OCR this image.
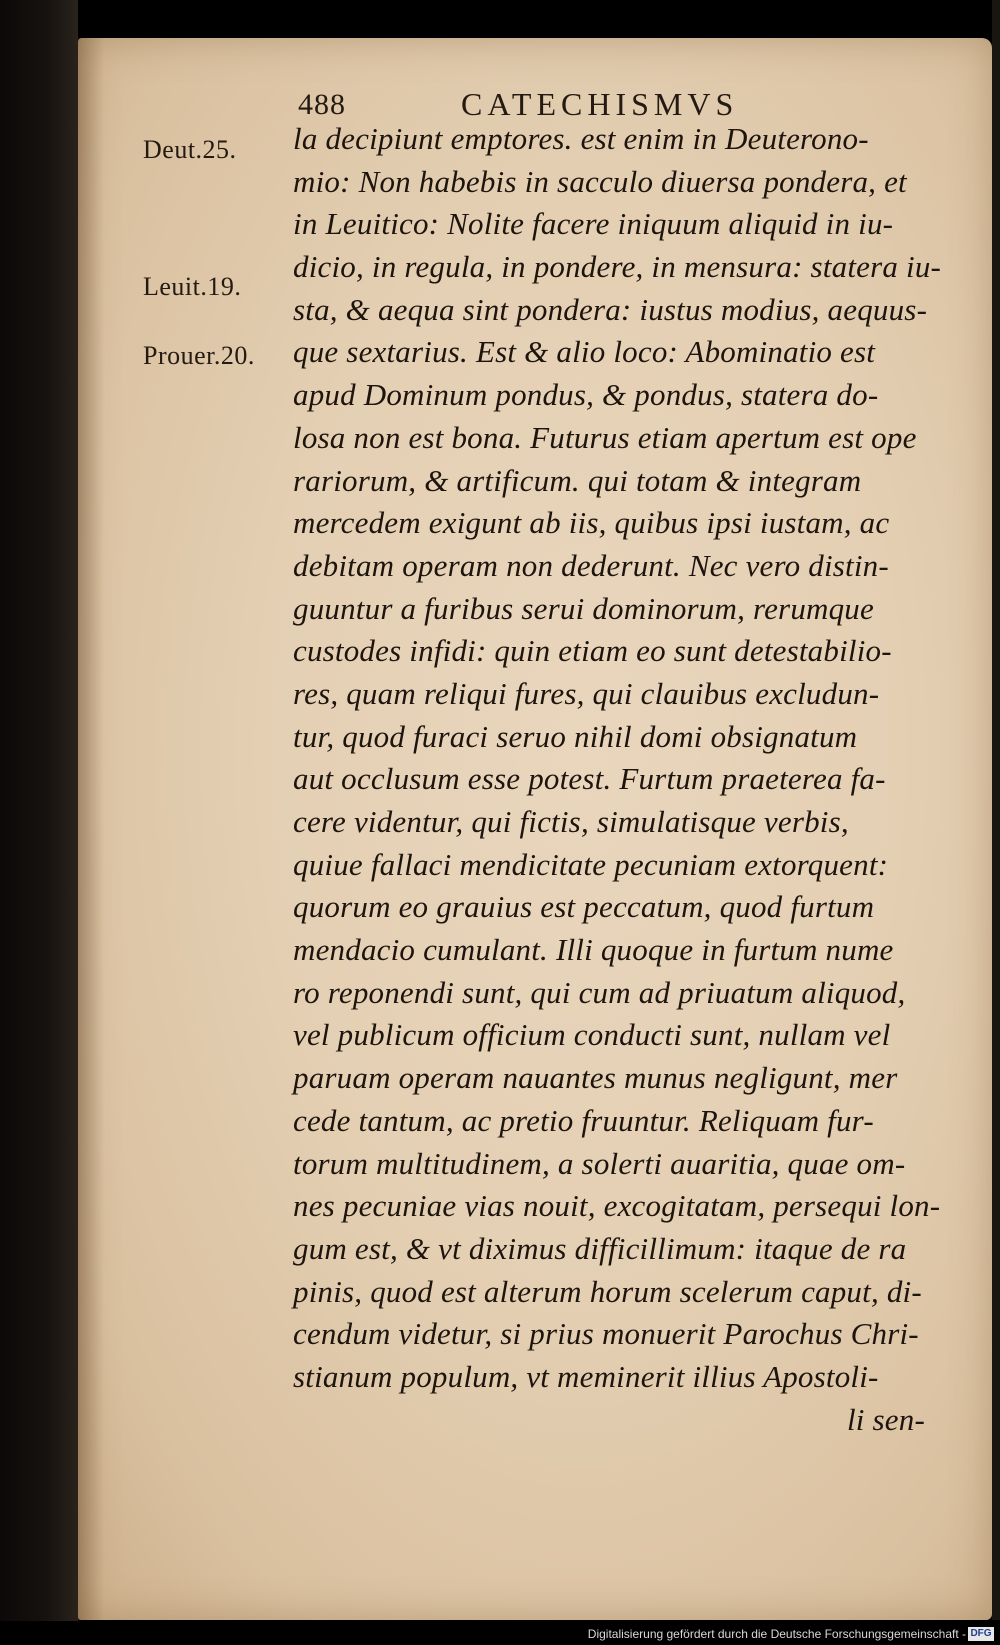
488	CATECHISMVS
Deut.25.
Leuit.19.
Prouer.20.
la decipiunt emptores. est enim in Deuterono-
mio: Non habebis in sacculo diuersa pondera, et
in Leuitico: Nolite facere iniquum aliquid in iu-
dicio, in regula, in pondere, in mensura: statera iu-
sta, & aequa sint pondera: iustus modius, aequus-
que sextarius. Est & alio loco: Abominatio est
apud Dominum pondus, & pondus, statera do-
losa non est bona. Futurus etiam apertum est ope
rariorum, & artificum. qui totam & integram
mercedem exigunt ab iis, quibus ipsi iustam, ac
debitam operam non dederunt. Nec vero distin-
guuntur a furibus serui dominorum, rerumque
custodes infidi: quin etiam eo sunt detestabilio-
res, quam reliqui fures, qui clauibus excludun-
tur, quod furaci seruo nihil domi obsignatum
aut occlusum esse potest. Furtum praeterea fa-
cere videntur, qui fictis, simulatisque verbis,
quiue fallaci mendicitate pecuniam extorquent:
quorum eo grauius est peccatum, quod furtum
mendacio cumulant. Illi quoque in furtum nume
ro reponendi sunt, qui cum ad priuatum aliquod,
vel publicum officium conducti sunt, nullam vel
paruam operam nauantes munus negligunt, mer
cede tantum, ac pretio fruuntur. Reliquam fur-
torum multitudinem, a solerti auaritia, quae om-
nes pecuniae vias nouit, excogitatam, persequi lon-
gum est, & vt diximus difficillimum: itaque de ra
pinis, quod est alterum horum scelerum caput, di-
cendum videtur, si prius monuerit Parochus Chri-
stianum populum, vt meminerit illius Apostoli-
li sen-
Digitalisierung gefördert durch die Deutsche Forschungsgemeinschaft - DFG
